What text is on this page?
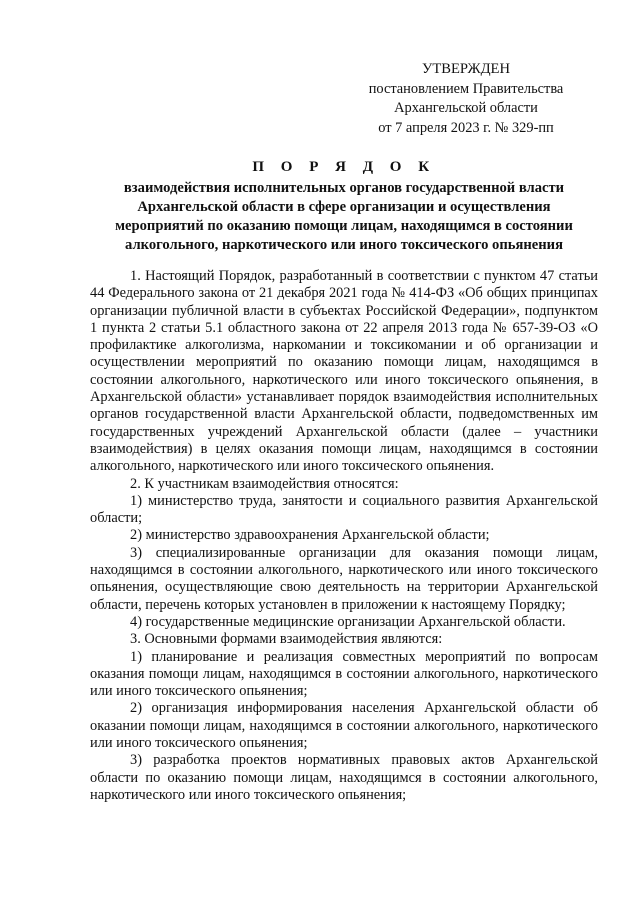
УТВЕРЖДЕН
постановлением Правительства
Архангельской области
от 7 апреля 2023 г. № 329-пп
П О Р Я Д О К
взаимодействия исполнительных органов государственной власти
Архангельской области в сфере организации и осуществления
мероприятий по оказанию помощи лицам, находящимся в состоянии
алкогольного, наркотического или иного токсического опьянения

1. Настоящий Порядок, разработанный в соответствии с пунктом 47 статьи 44 Федерального закона от 21 декабря 2021 года № 414-ФЗ «Об общих принципах организации публичной власти в субъектах Российской Федерации», подпунктом 1 пункта 2 статьи 5.1 областного закона от 22 апреля 2013 года № 657-39-ОЗ «О профилактике алкоголизма, наркомании и токсикомании и об организации и осуществлении мероприятий по оказанию помощи лицам, находящимся в состоянии алкогольного, наркотического или иного токсического опьянения, в Архангельской области» устанавливает порядок взаимодействия исполнительных органов государственной власти Архангельской области, подведомственных им государственных учреждений Архангельской области (далее – участники взаимодействия) в целях оказания помощи лицам, находящимся в состоянии алкогольного, наркотического или иного токсического опьянения.

2. К участникам взаимодействия относятся:

1) министерство труда, занятости и социального развития Архангельской области;

2) министерство здравоохранения Архангельской области;

3) специализированные организации для оказания помощи лицам, находящимся в состоянии алкогольного, наркотического или иного токсического опьянения, осуществляющие свою деятельность на территории Архангельской области, перечень которых установлен в приложении к настоящему Порядку;

4) государственные медицинские организации Архангельской области.

3. Основными формами взаимодействия являются:

1) планирование и реализация совместных мероприятий по вопросам оказания помощи лицам, находящимся в состоянии алкогольного, наркотического или иного токсического опьянения;

2) организация информирования населения Архангельской области об оказании помощи лицам, находящимся в состоянии алкогольного, наркотического или иного токсического опьянения;

3) разработка проектов нормативных правовых актов Архангельской области по оказанию помощи лицам, находящимся в состоянии алкогольного, наркотического или иного токсического опьянения;
